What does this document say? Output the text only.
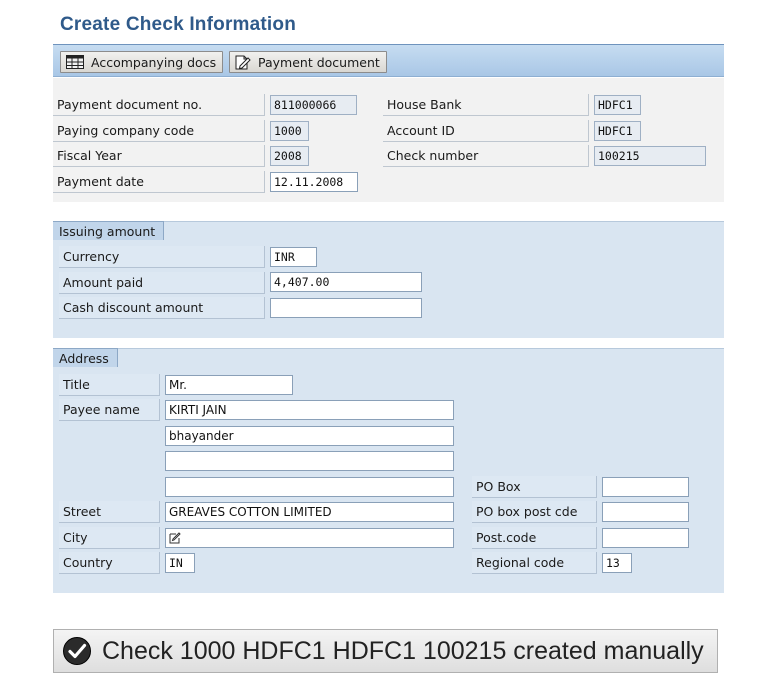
Create Check Information
Accompanying docs	Payment document
Payment document no.	811000066
Paying company code	1000
Fiscal Year	2008
Payment date	12.11.2008
House Bank	HDFC1
Account ID	HDFC1
Check number	100215
Issuing amount
Currency	INR
Amount paid	4,407.00
Cash discount amount
Address
Title	Mr.
Payee name	KIRTI JAIN
bhayander
Street	GREAVES COTTON LIMITED
City
Country	IN
PO Box
PO box post cde
Post.code
Regional code	13
Check 1000 HDFC1 HDFC1 100215 created manually
